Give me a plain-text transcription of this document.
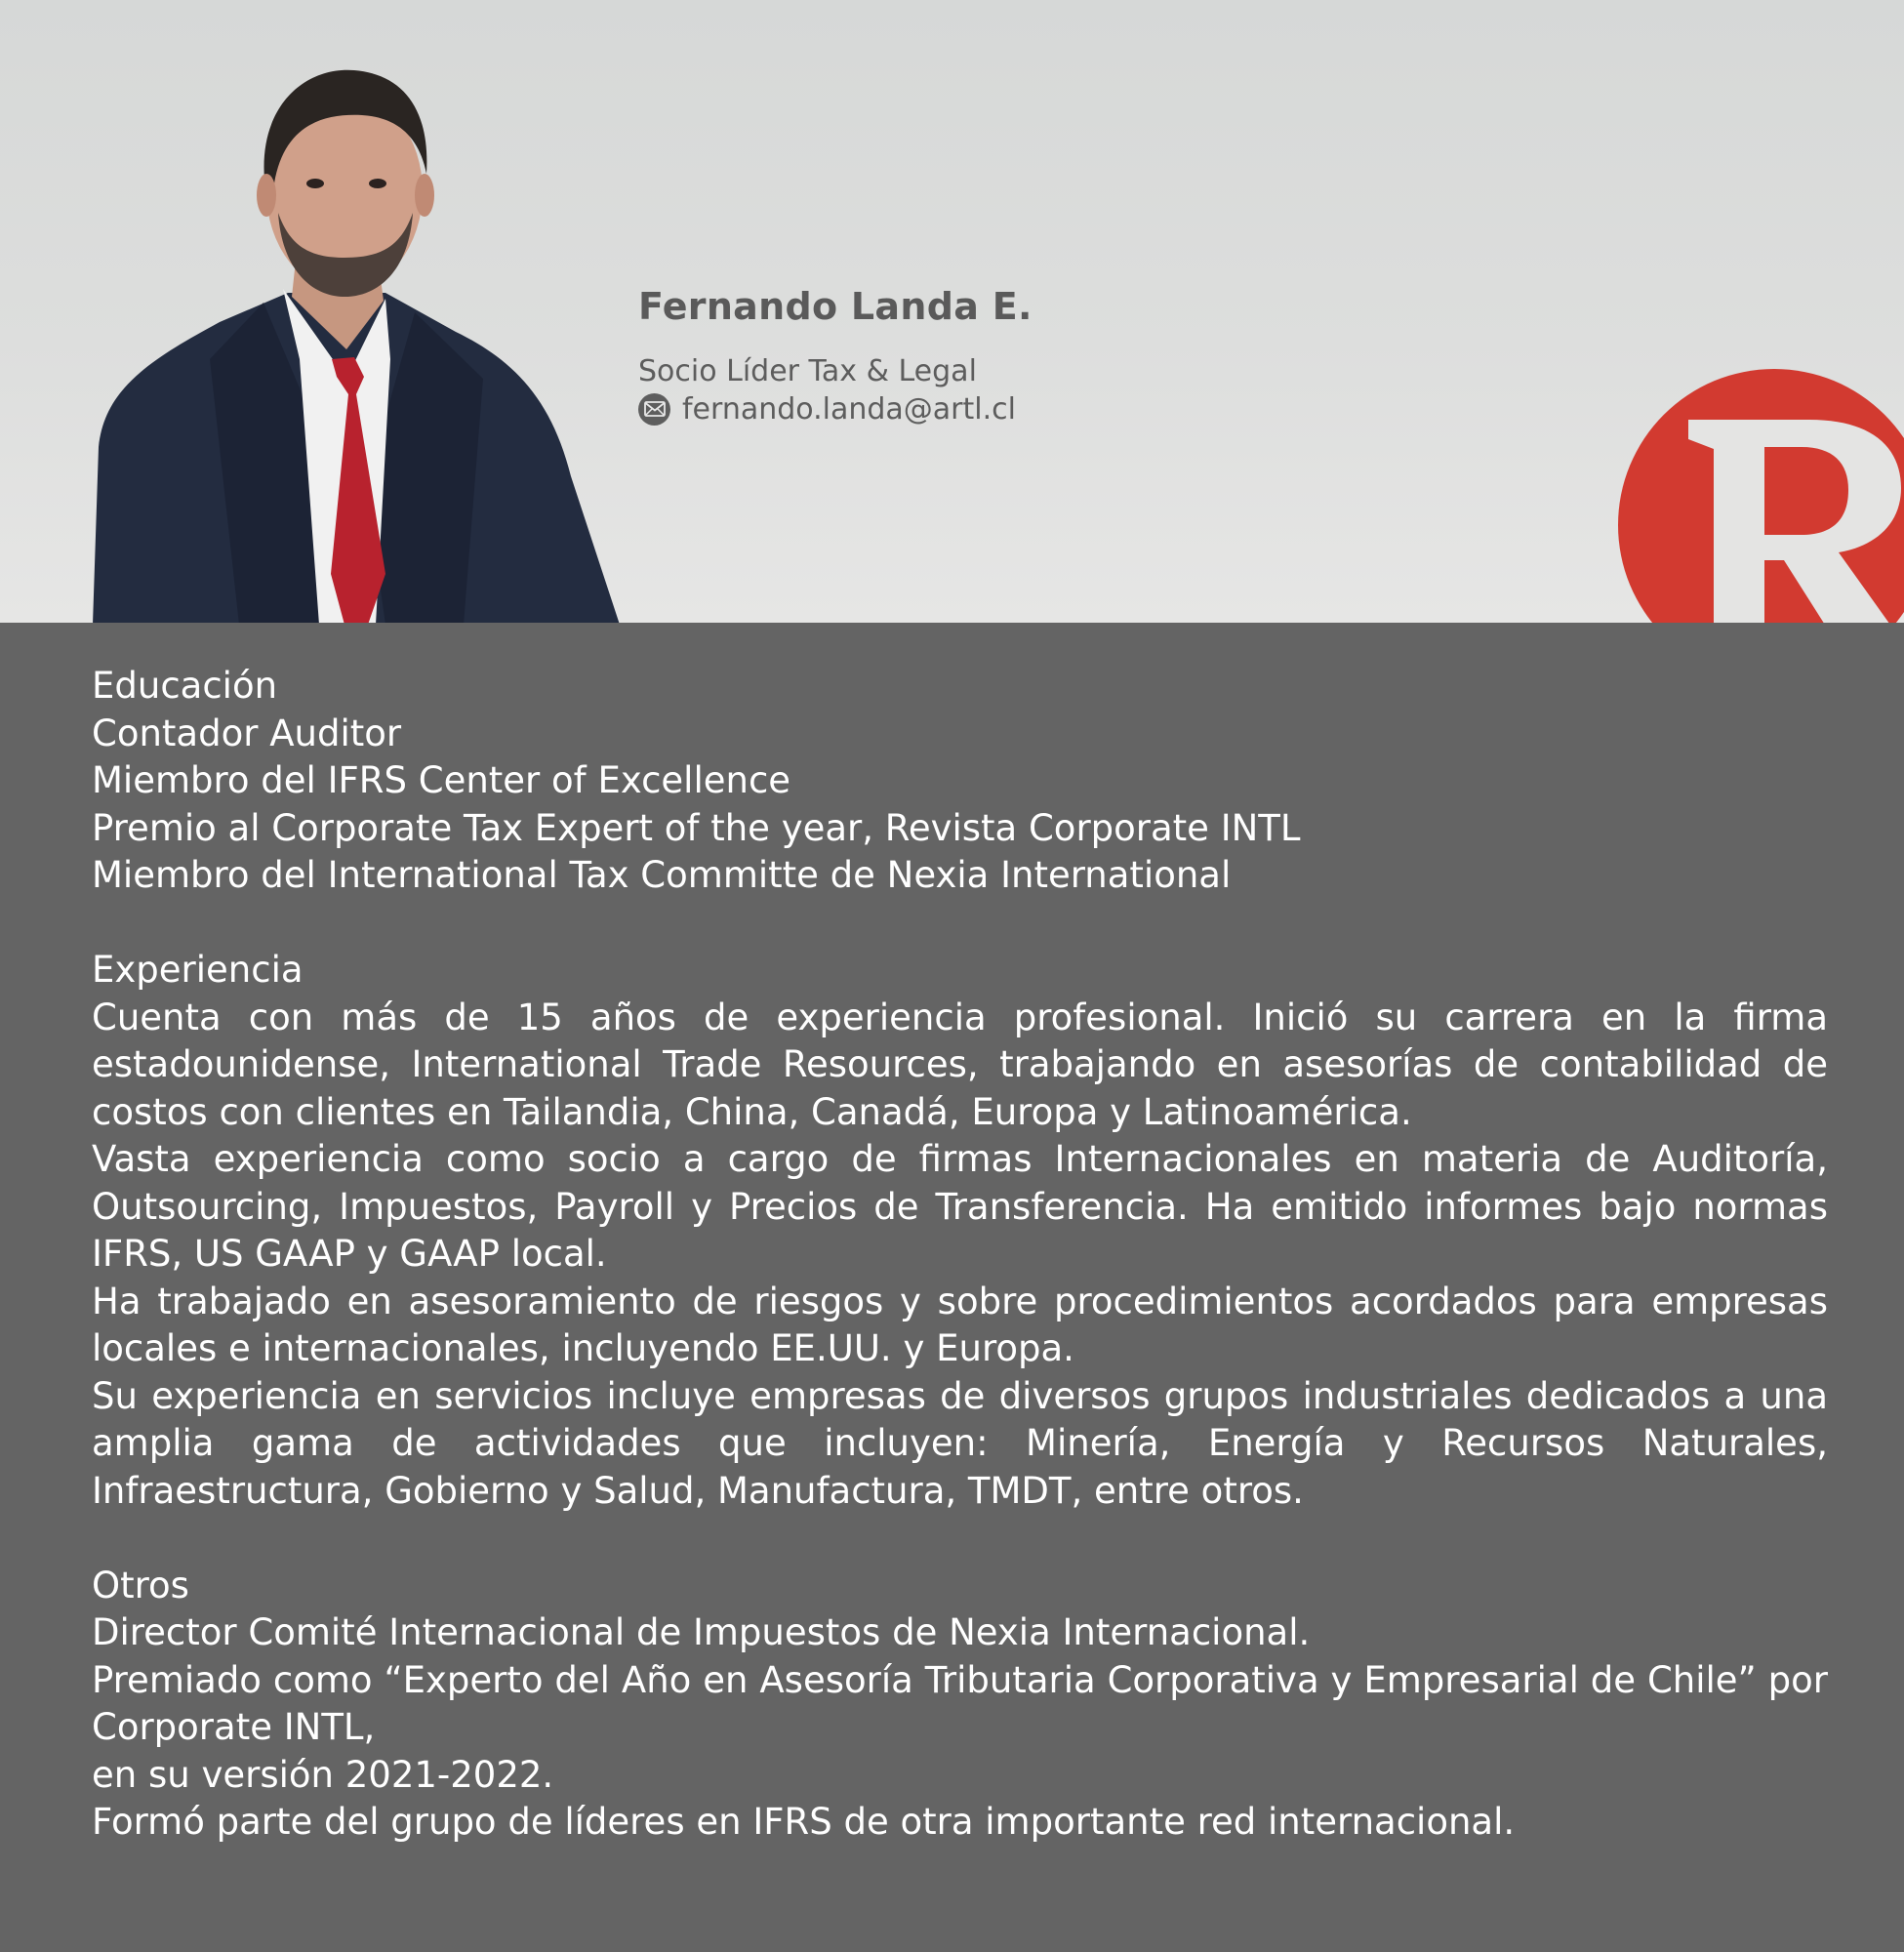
Fernando Landa E.
Socio Líder Tax & Legal
fernando.landa@artl.cl
Educación
Contador Auditor
Miembro del IFRS Center of Excellence
Premio al Corporate Tax Expert of the year, Revista Corporate INTL
Miembro del International Tax Committe de Nexia International
Experiencia

Cuenta con más de 15 años de experiencia profesional. Inició su carrera en la firma estadounidense, International Trade Resources, trabajando en asesorías de contabilidad de costos con clientes en Tailandia, China, Canadá, Europa y Latinoamérica.

Vasta experiencia como socio a cargo de firmas Internacionales en materia de Auditoría, Outsourcing, Impuestos, Payroll y Precios de Transferencia. Ha emitido informes bajo normas IFRS, US GAAP y GAAP local.

Ha trabajado en asesoramiento de riesgos y sobre procedimientos acordados para empresas locales e internacionales, incluyendo EE.UU. y Europa.

Su experiencia en servicios incluye empresas de diversos grupos industriales dedicados a una amplia gama de actividades que incluyen: Minería, Energía y Recursos Naturales, Infraestructura, Gobierno y Salud, Manufactura, TMDT, entre otros.

Otros
Director Comité Internacional de Impuestos de Nexia Internacional.

Premiado como “Experto del Año en Asesoría Tributaria Corporativa y Empresarial de Chile” por Corporate INTL,

en su versión 2021-2022.
Formó parte del grupo de líderes en IFRS de otra importante red internacional.
